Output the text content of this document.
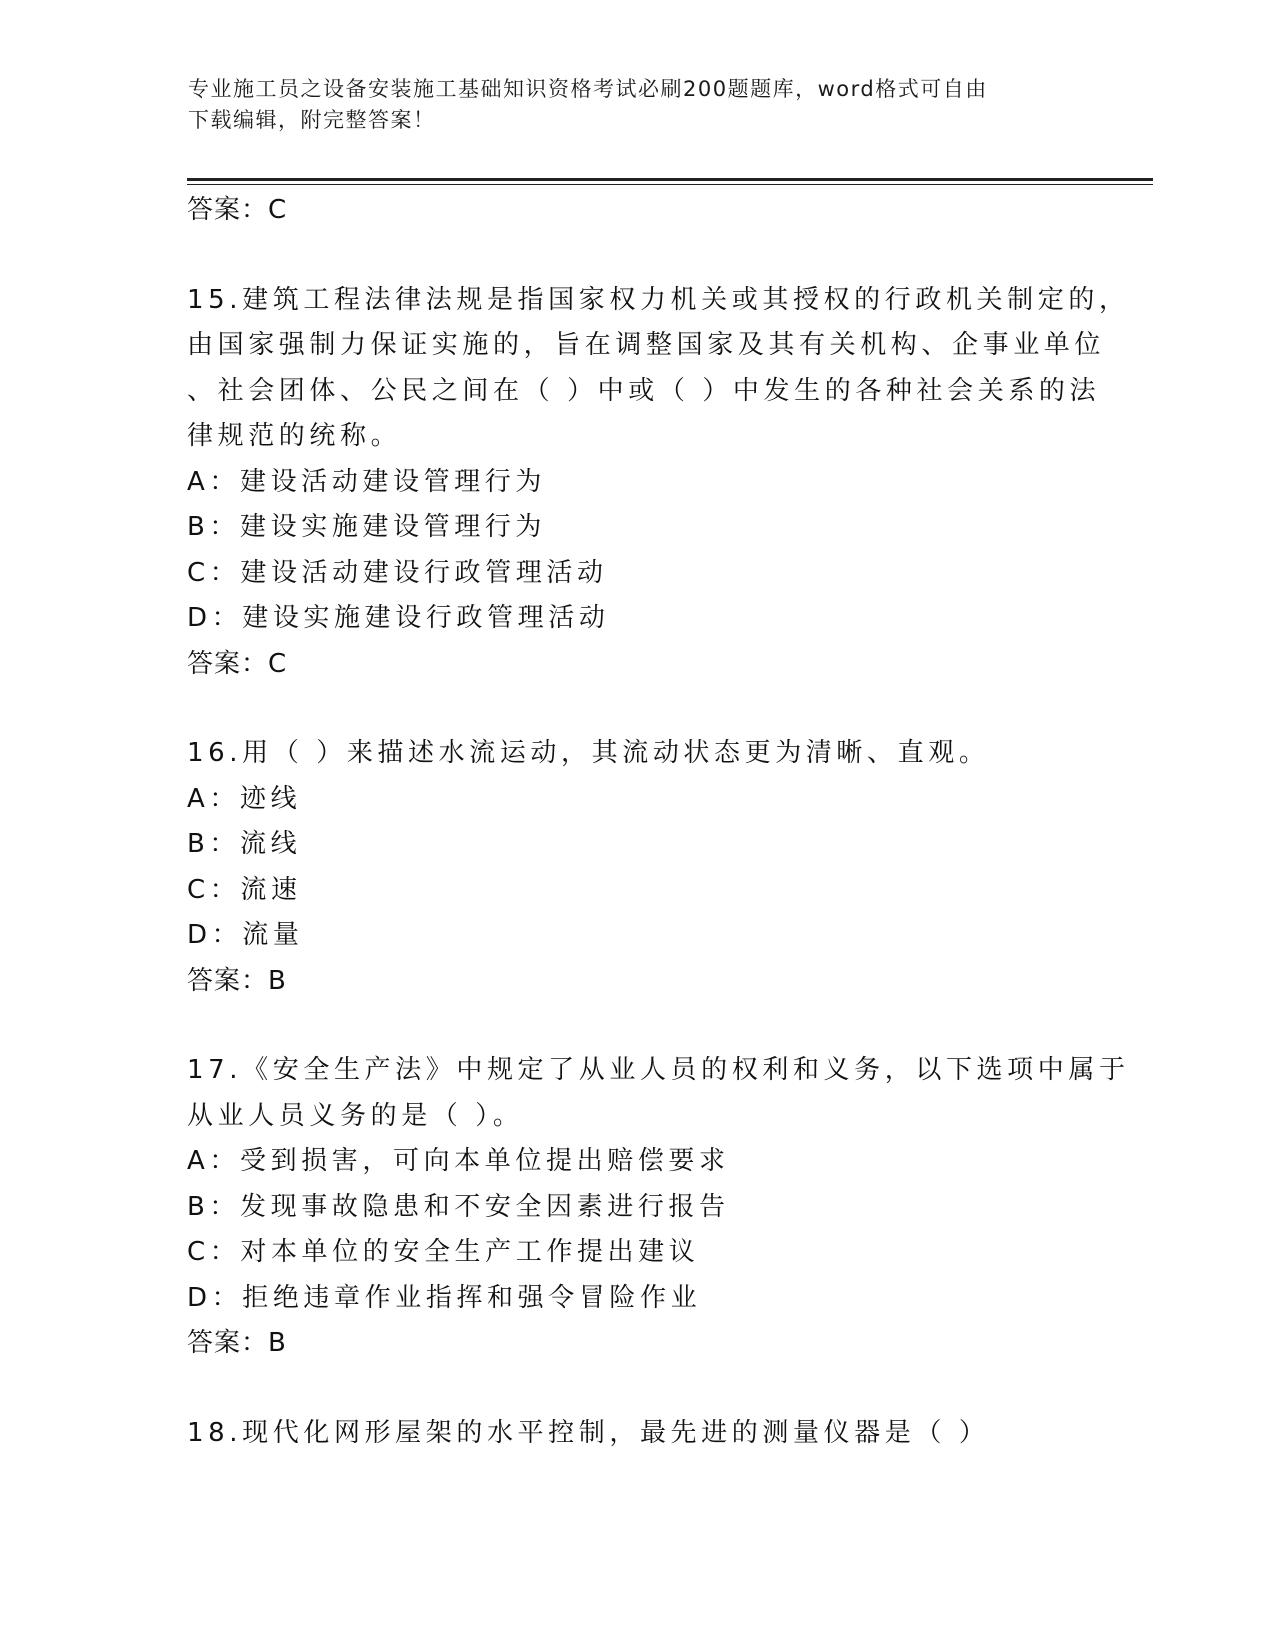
专业施工员之设备安装施工基础知识资格考试必刷200题题库，word格式可自由
下载编辑，附完整答案！
答案：C
15.建筑工程法律法规是指国家权力机关或其授权的行政机关制定的，
由国家强制力保证实施的，旨在调整国家及其有关机构、企事业单位
、社会团体、公民之间在（ ）中或（ ）中发生的各种社会关系的法
律规范的统称。
A：建设活动建设管理行为
B：建设实施建设管理行为
C：建设活动建设行政管理活动
D：建设实施建设行政管理活动
答案：C
16.用（ ）来描述水流运动，其流动状态更为清晰、直观。
A：迹线
B：流线
C：流速
D：流量
答案：B
17.《安全生产法》中规定了从业人员的权利和义务，以下选项中属于
从业人员义务的是（ ）。
A：受到损害，可向本单位提出赔偿要求
B：发现事故隐患和不安全因素进行报告
C：对本单位的安全生产工作提出建议
D：拒绝违章作业指挥和强令冒险作业
答案：B
18.现代化网形屋架的水平控制，最先进的测量仪器是（ ）
